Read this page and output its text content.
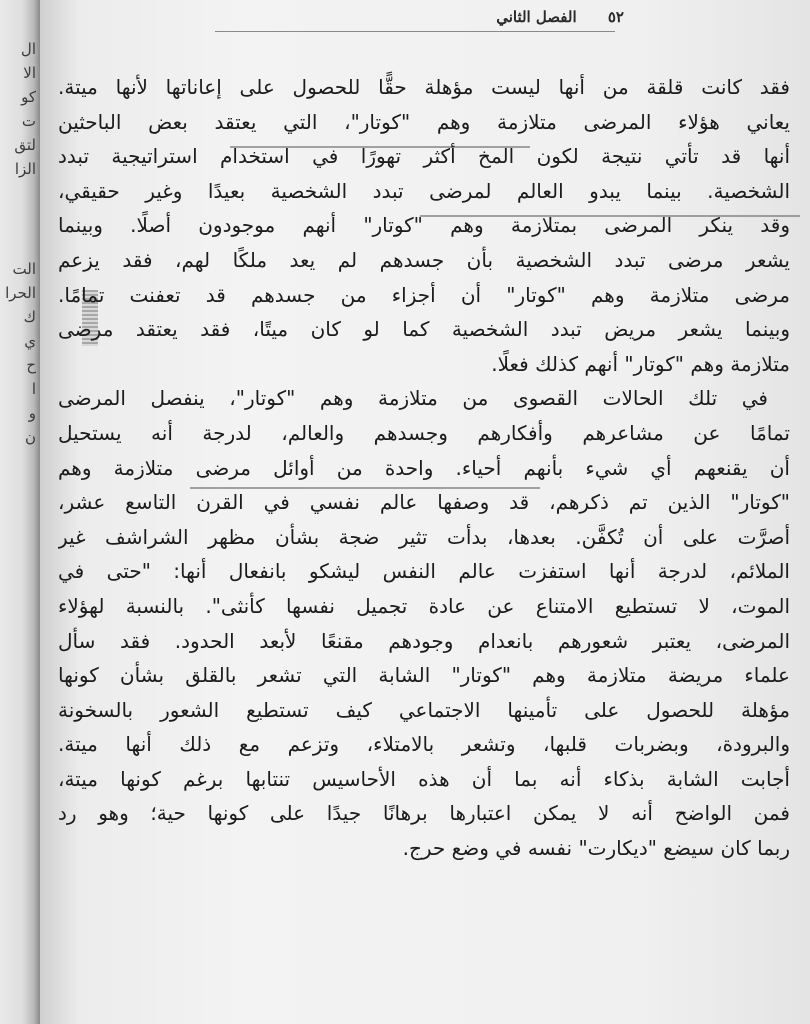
ال
الا
كو
ت
لتق
الزا
الت
الحرا
ك
ي
ح
ا
و
ن
٥٢ الفصل الثاني
فقد كانت قلقة من أنها ليست مؤهلة حقًّا للحصول على إعاناتها لأنها ميتة.
يعاني هؤلاء المرضى متلازمة وهم "كوتار"، التي يعتقد بعض الباحثين
أنها قد تأتي نتيجة لكون المخ أكثر تهورًا في استخدام استراتيجية تبدد
الشخصية. بينما يبدو العالم لمرضى تبدد الشخصية بعيدًا وغير حقيقي،
وقد ينكر المرضى بمتلازمة وهم "كوتار" أنهم موجودون أصلًا. وبينما
يشعر مرضى تبدد الشخصية بأن جسدهم لم يعد ملكًا لهم، فقد يزعم
مرضى متلازمة وهم "كوتار" أن أجزاء من جسدهم قد تعفنت تمامًا.
وبينما يشعر مريض تبدد الشخصية كما لو كان ميتًا، فقد يعتقد مرضى
متلازمة وهم "كوتار" أنهم كذلك فعلًا.
في تلك الحالات القصوى من متلازمة وهم "كوتار"، ينفصل المرضى
تمامًا عن مشاعرهم وأفكارهم وجسدهم والعالم، لدرجة أنه يستحيل
أن يقنعهم أي شيء بأنهم أحياء. واحدة من أوائل مرضى متلازمة وهم
"كوتار" الذين تم ذكرهم، قد وصفها عالم نفسي في القرن التاسع عشر،
أصرَّت على أن تُكفَّن. بعدها، بدأت تثير ضجة بشأن مظهر الشراشف غير
الملائم، لدرجة أنها استفزت عالم النفس ليشكو بانفعال أنها: "حتى في
الموت، لا تستطيع الامتناع عن عادة تجميل نفسها كأنثى". بالنسبة لهؤلاء
المرضى، يعتبر شعورهم بانعدام وجودهم مقنعًا لأبعد الحدود. فقد سأل
علماء مريضة متلازمة وهم "كوتار" الشابة التي تشعر بالقلق بشأن كونها
مؤهلة للحصول على تأمينها الاجتماعي كيف تستطيع الشعور بالسخونة
والبرودة، وبضربات قلبها، وتشعر بالامتلاء، وتزعم مع ذلك أنها ميتة.
أجابت الشابة بذكاء أنه بما أن هذه الأحاسيس تنتابها برغم كونها ميتة،
فمن الواضح أنه لا يمكن اعتبارها برهانًا جيدًا على كونها حية؛ وهو رد
ربما كان سيضع "ديكارت" نفسه في وضع حرج.
